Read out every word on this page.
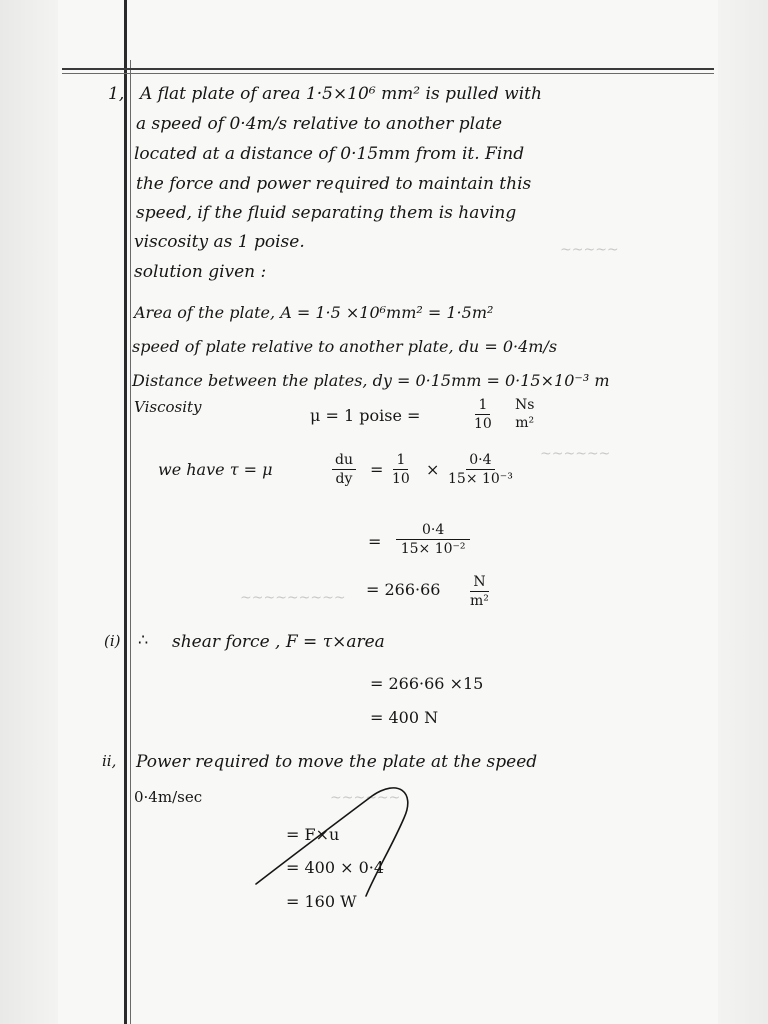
~~~~~
~~~~~~
~~~~~~~~~
~~~~~~
1, A flat plate of area 1·5×10⁶ mm² is pulled with
a speed of 0·4m/s relative to another plate
located at a distance of 0·15mm from it. Find
the force and power required to maintain this
speed, if the fluid separating them is having
viscosity as 1 poise.
solution given :
Area of the plate, A = 1·5 ×10⁶mm² = 1·5m²
speed of plate relative to another plate, du = 0·4m/s
Distance between the plates, dy = 0·15mm = 0·15×10⁻³ m
Viscosity	μ = 1 poise =	$\frac{1}{10}$ Ns
m²
we have τ = μ	$\frac{du}{dy} = \frac{1}{10} \times \frac{0\cdot 4}{\text{15× 10⁻³}}$
= $\frac{0\cdot 4}{\text{15× 10⁻²}}$
= $266\cdot 66 \frac{N}{\text{m²}}$
(i) ∴ shear force , F = τ×area
= 266·66 ×15
= 400 N
ii, Power required to move the plate at the speed
0·4m/sec
= F×u
= 400 × 0·4
= 160 W
